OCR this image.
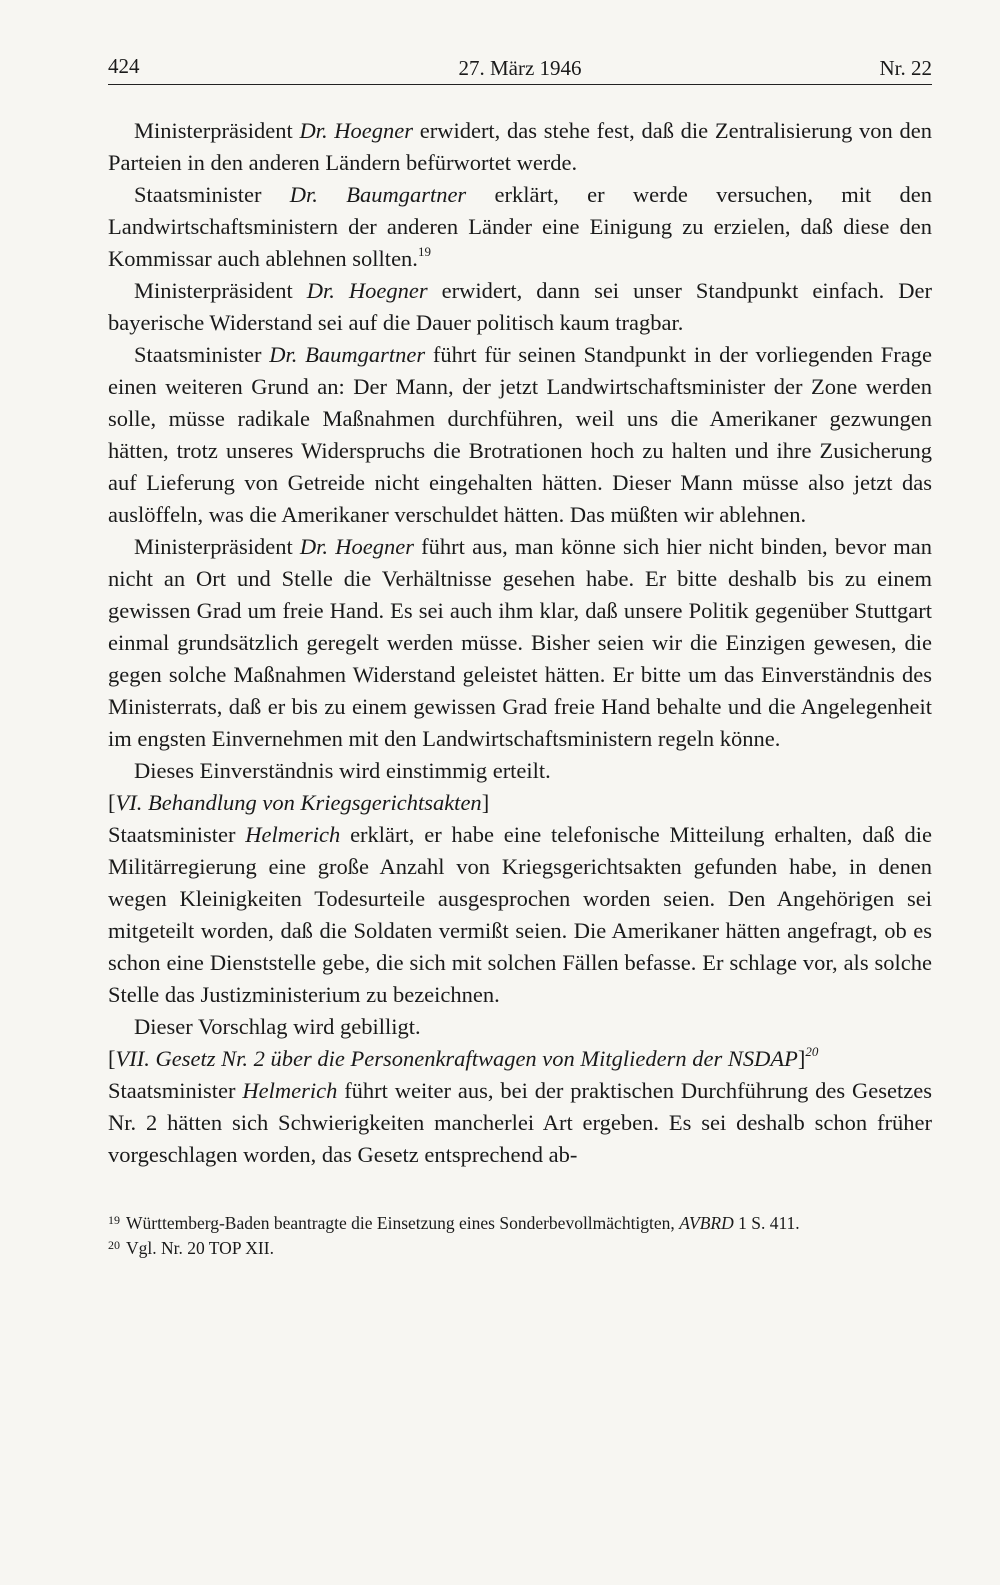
424	27. März 1946	Nr. 22

Ministerpräsident Dr. Hoegner erwidert, das stehe fest, daß die Zentralisierung von den Parteien in den anderen Ländern befürwortet werde.

Staatsminister Dr. Baumgartner erklärt, er werde versuchen, mit den Landwirtschaftsministern der anderen Länder eine Einigung zu erzielen, daß diese den Kommissar auch ablehnen sollten.$^{19}$

Ministerpräsident Dr. Hoegner erwidert, dann sei unser Standpunkt einfach. Der bayerische Widerstand sei auf die Dauer politisch kaum tragbar.

Staatsminister Dr. Baumgartner führt für seinen Standpunkt in der vorliegenden Frage einen weiteren Grund an: Der Mann, der jetzt Landwirtschaftsminister der Zone werden solle, müsse radikale Maßnahmen durchführen, weil uns die Amerikaner gezwungen hätten, trotz unseres Widerspruchs die Brotrationen hoch zu halten und ihre Zusicherung auf Lieferung von Getreide nicht eingehalten hätten. Dieser Mann müsse also jetzt das auslöffeln, was die Amerikaner verschuldet hätten. Das müßten wir ablehnen.

Ministerpräsident Dr. Hoegner führt aus, man könne sich hier nicht binden, bevor man nicht an Ort und Stelle die Verhältnisse gesehen habe. Er bitte deshalb bis zu einem gewissen Grad um freie Hand. Es sei auch ihm klar, daß unsere Politik gegenüber Stuttgart einmal grundsätzlich geregelt werden müsse. Bisher seien wir die Einzigen gewesen, die gegen solche Maßnahmen Widerstand geleistet hätten. Er bitte um das Einverständnis des Ministerrats, daß er bis zu einem gewissen Grad freie Hand behalte und die Angelegenheit im engsten Einvernehmen mit den Landwirtschaftsministern regeln könne.

Dieses Einverständnis wird einstimmig erteilt.

[VI. Behandlung von Kriegsgerichtsakten]

Staatsminister Helmerich erklärt, er habe eine telefonische Mitteilung erhalten, daß die Militärregierung eine große Anzahl von Kriegsgerichtsakten gefunden habe, in denen wegen Kleinigkeiten Todesurteile ausgesprochen worden seien. Den Angehörigen sei mitgeteilt worden, daß die Soldaten vermißt seien. Die Amerikaner hätten angefragt, ob es schon eine Dienststelle gebe, die sich mit solchen Fällen befasse. Er schlage vor, als solche Stelle das Justizministerium zu bezeichnen.

Dieser Vorschlag wird gebilligt.

[VII. Gesetz Nr. 2 über die Personenkraftwagen von Mitgliedern der NSDAP]$^{20}$

Staatsminister Helmerich führt weiter aus, bei der praktischen Durchführung des Gesetzes Nr. 2 hätten sich Schwierigkeiten mancherlei Art ergeben. Es sei deshalb schon früher vorgeschlagen worden, das Gesetz entsprechend ab-

19 Württemberg-Baden beantragte die Einsetzung eines Sonderbevollmächtigten, AVBRD 1 S. 411.
20 Vgl. Nr. 20 TOP XII.
